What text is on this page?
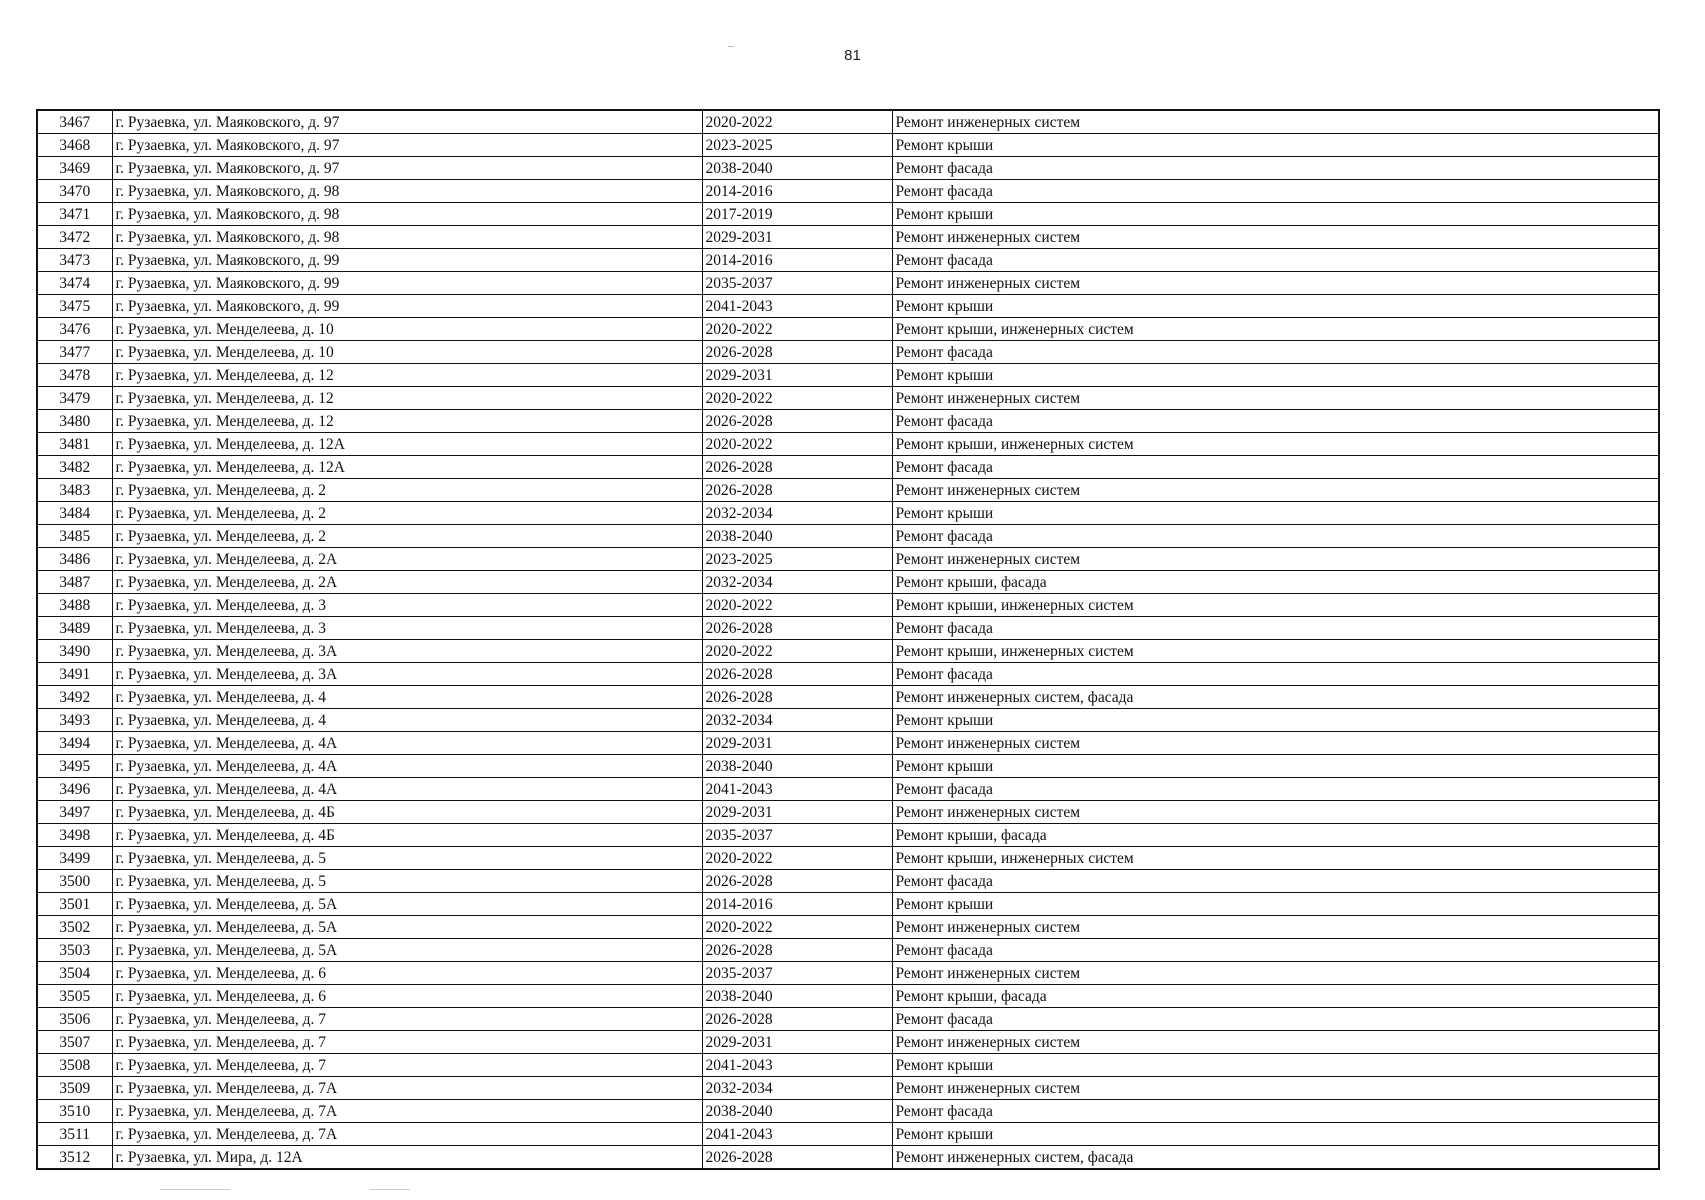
81
3467	г. Рузаевка, ул. Маяковского, д. 97	2020-2022	Ремонт инженерных систем
3468	г. Рузаевка, ул. Маяковского, д. 97	2023-2025	Ремонт крыши
3469	г. Рузаевка, ул. Маяковского, д. 97	2038-2040	Ремонт фасада
3470	г. Рузаевка, ул. Маяковского, д. 98	2014-2016	Ремонт фасада
3471	г. Рузаевка, ул. Маяковского, д. 98	2017-2019	Ремонт крыши
3472	г. Рузаевка, ул. Маяковского, д. 98	2029-2031	Ремонт инженерных систем
3473	г. Рузаевка, ул. Маяковского, д. 99	2014-2016	Ремонт фасада
3474	г. Рузаевка, ул. Маяковского, д. 99	2035-2037	Ремонт инженерных систем
3475	г. Рузаевка, ул. Маяковского, д. 99	2041-2043	Ремонт крыши
3476	г. Рузаевка, ул. Менделеева, д. 10	2020-2022	Ремонт крыши, инженерных систем
3477	г. Рузаевка, ул. Менделеева, д. 10	2026-2028	Ремонт фасада
3478	г. Рузаевка, ул. Менделеева, д. 12	2029-2031	Ремонт крыши
3479	г. Рузаевка, ул. Менделеева, д. 12	2020-2022	Ремонт инженерных систем
3480	г. Рузаевка, ул. Менделеева, д. 12	2026-2028	Ремонт фасада
3481	г. Рузаевка, ул. Менделеева, д. 12А	2020-2022	Ремонт крыши, инженерных систем
3482	г. Рузаевка, ул. Менделеева, д. 12А	2026-2028	Ремонт фасада
3483	г. Рузаевка, ул. Менделеева, д. 2	2026-2028	Ремонт инженерных систем
3484	г. Рузаевка, ул. Менделеева, д. 2	2032-2034	Ремонт крыши
3485	г. Рузаевка, ул. Менделеева, д. 2	2038-2040	Ремонт фасада
3486	г. Рузаевка, ул. Менделеева, д. 2А	2023-2025	Ремонт инженерных систем
3487	г. Рузаевка, ул. Менделеева, д. 2А	2032-2034	Ремонт крыши, фасада
3488	г. Рузаевка, ул. Менделеева, д. 3	2020-2022	Ремонт крыши, инженерных систем
3489	г. Рузаевка, ул. Менделеева, д. 3	2026-2028	Ремонт фасада
3490	г. Рузаевка, ул. Менделеева, д. 3А	2020-2022	Ремонт крыши, инженерных систем
3491	г. Рузаевка, ул. Менделеева, д. 3А	2026-2028	Ремонт фасада
3492	г. Рузаевка, ул. Менделеева, д. 4	2026-2028	Ремонт инженерных систем, фасада
3493	г. Рузаевка, ул. Менделеева, д. 4	2032-2034	Ремонт крыши
3494	г. Рузаевка, ул. Менделеева, д. 4А	2029-2031	Ремонт инженерных систем
3495	г. Рузаевка, ул. Менделеева, д. 4А	2038-2040	Ремонт крыши
3496	г. Рузаевка, ул. Менделеева, д. 4А	2041-2043	Ремонт фасада
3497	г. Рузаевка, ул. Менделеева, д. 4Б	2029-2031	Ремонт инженерных систем
3498	г. Рузаевка, ул. Менделеева, д. 4Б	2035-2037	Ремонт крыши, фасада
3499	г. Рузаевка, ул. Менделеева, д. 5	2020-2022	Ремонт крыши, инженерных систем
3500	г. Рузаевка, ул. Менделеева, д. 5	2026-2028	Ремонт фасада
3501	г. Рузаевка, ул. Менделеева, д. 5А	2014-2016	Ремонт крыши
3502	г. Рузаевка, ул. Менделеева, д. 5А	2020-2022	Ремонт инженерных систем
3503	г. Рузаевка, ул. Менделеева, д. 5А	2026-2028	Ремонт фасада
3504	г. Рузаевка, ул. Менделеева, д. 6	2035-2037	Ремонт инженерных систем
3505	г. Рузаевка, ул. Менделеева, д. 6	2038-2040	Ремонт крыши, фасада
3506	г. Рузаевка, ул. Менделеева, д. 7	2026-2028	Ремонт фасада
3507	г. Рузаевка, ул. Менделеева, д. 7	2029-2031	Ремонт инженерных систем
3508	г. Рузаевка, ул. Менделеева, д. 7	2041-2043	Ремонт крыши
3509	г. Рузаевка, ул. Менделеева, д. 7А	2032-2034	Ремонт инженерных систем
3510	г. Рузаевка, ул. Менделеева, д. 7А	2038-2040	Ремонт фасада
3511	г. Рузаевка, ул. Менделеева, д. 7А	2041-2043	Ремонт крыши
3512	г. Рузаевка, ул. Мира, д. 12А	2026-2028	Ремонт инженерных систем, фасада
